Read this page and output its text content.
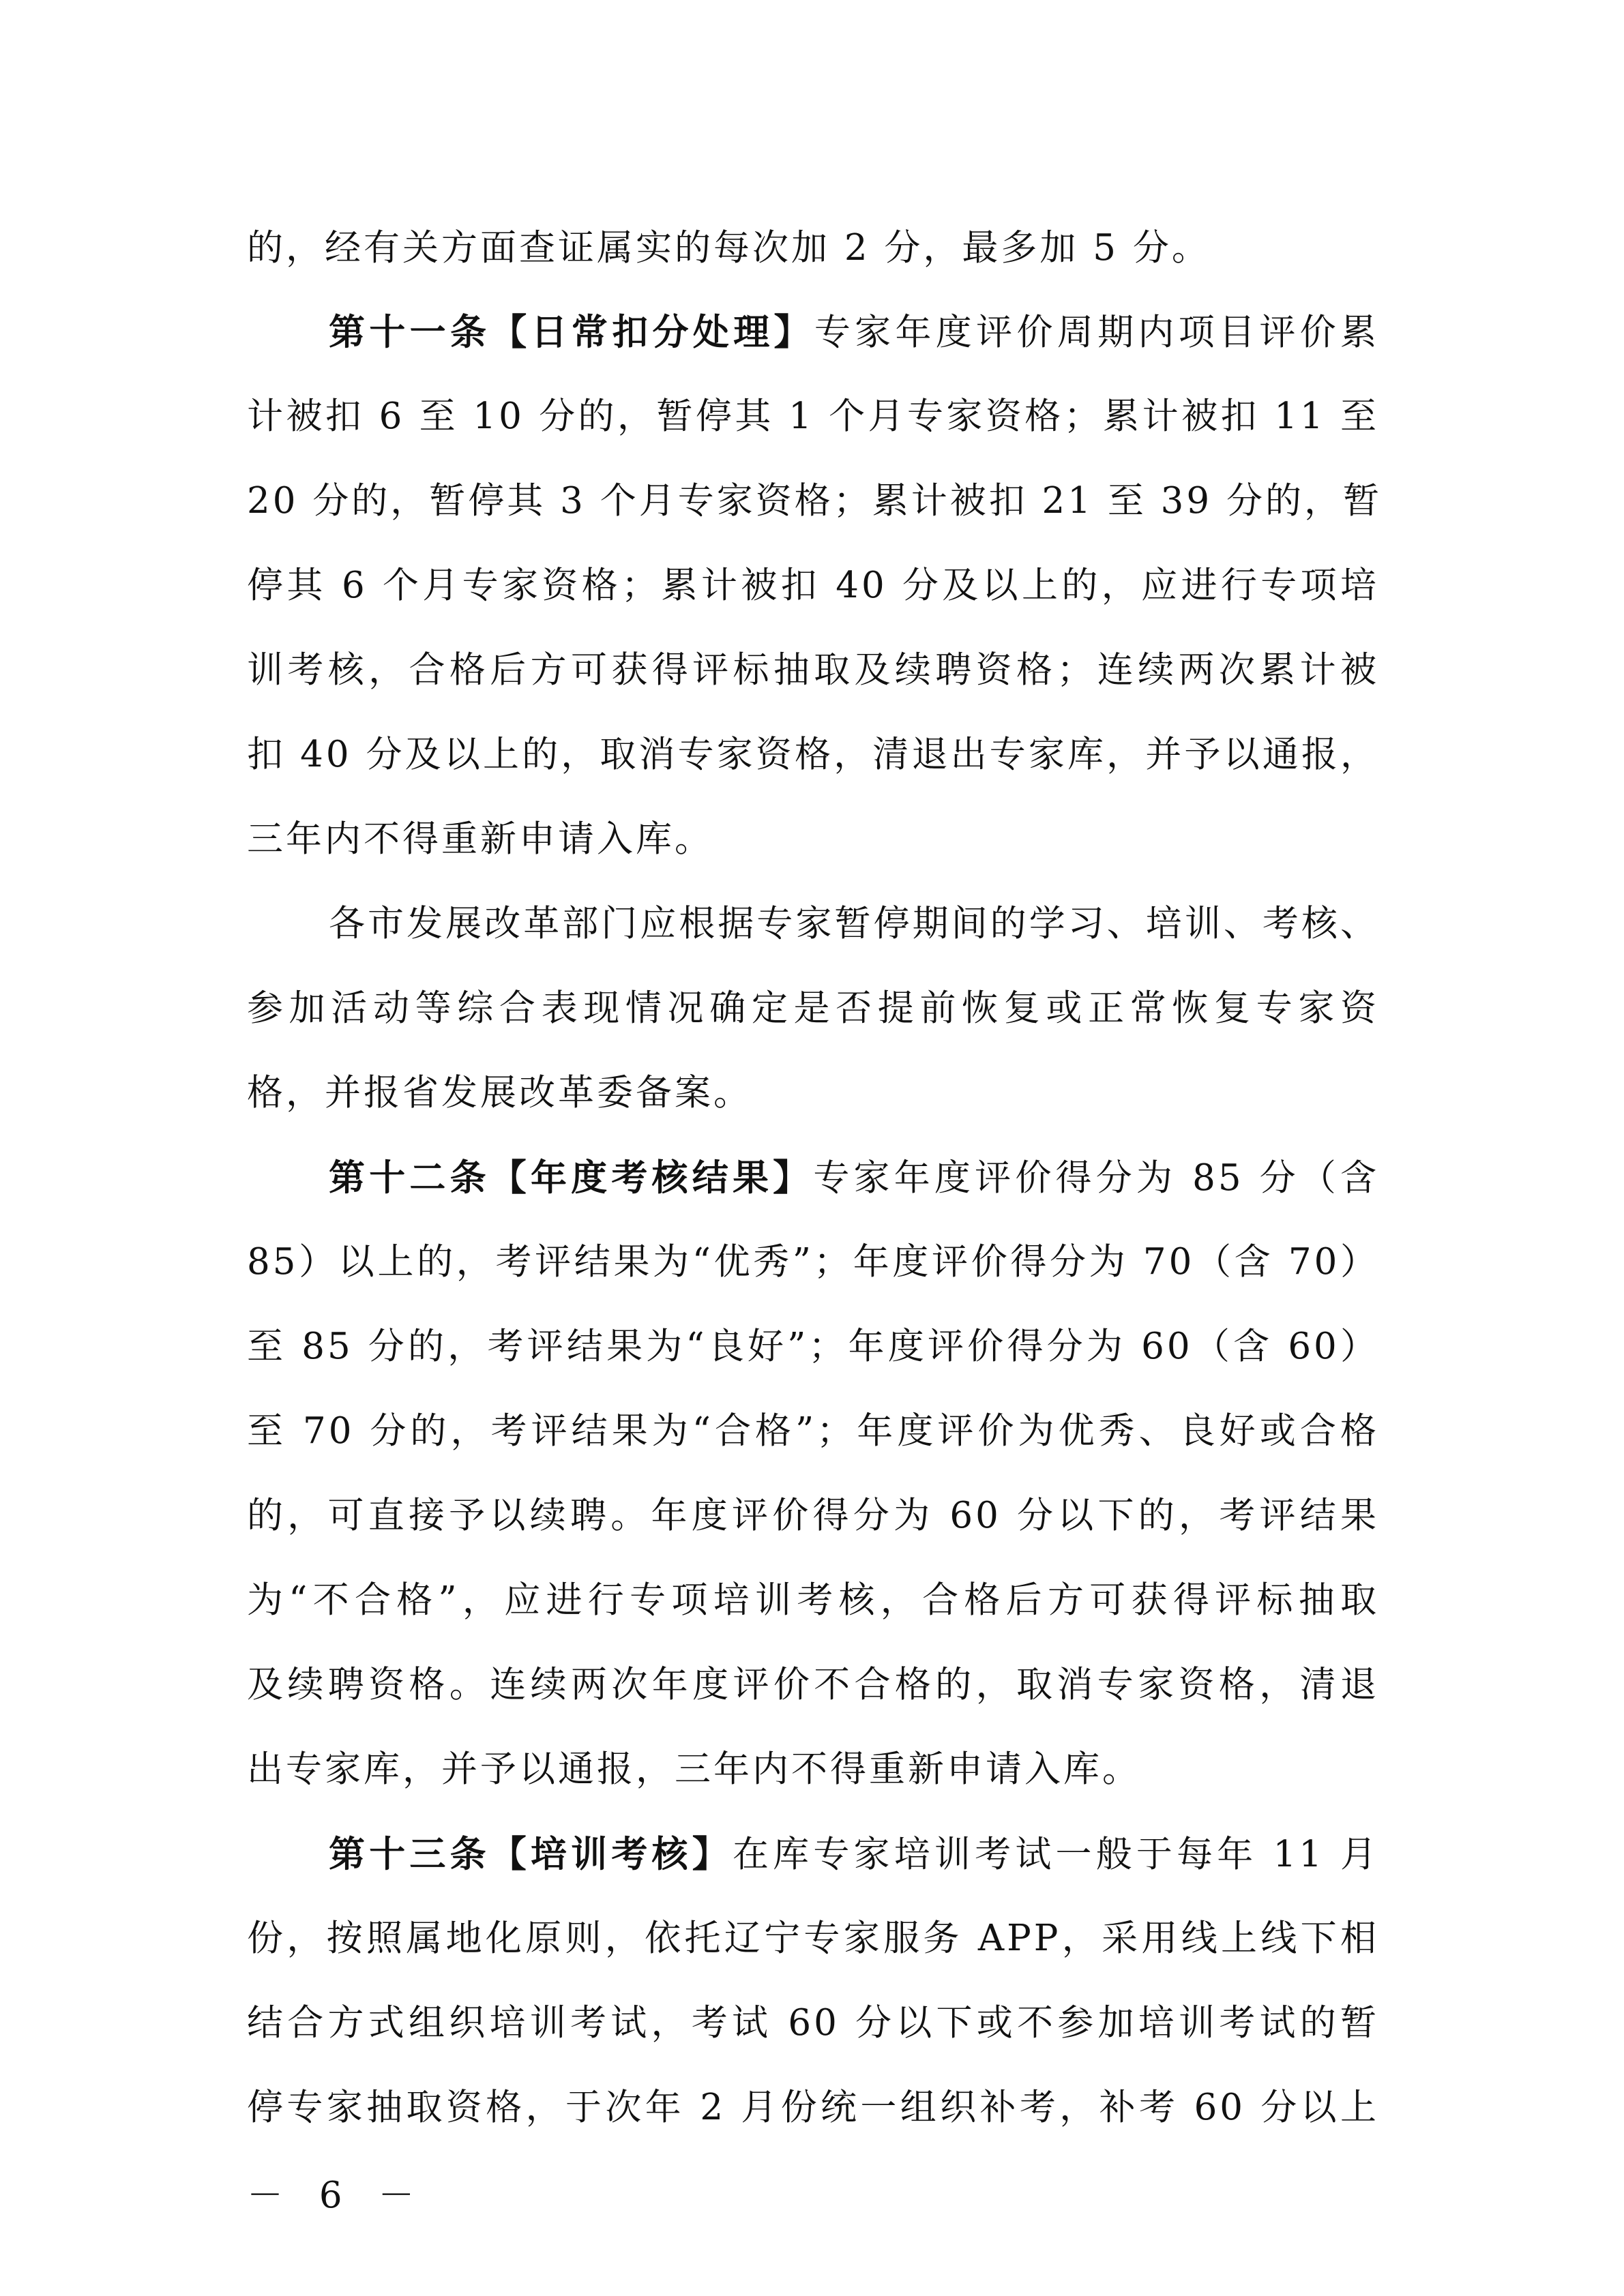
的，经有关方面查证属实的每次加 2 分，最多加 5 分。
第十一条【日常扣分处理】专家年度评价周期内项目评价累
计被扣 6 至 10 分的，暂停其 1 个月专家资格；累计被扣 11 至
20 分的，暂停其 3 个月专家资格；累计被扣 21 至 39 分的，暂
停其 6 个月专家资格；累计被扣 40 分及以上的，应进行专项培
训考核，合格后方可获得评标抽取及续聘资格；连续两次累计被
扣 40 分及以上的，取消专家资格，清退出专家库，并予以通报，
三年内不得重新申请入库。
各市发展改革部门应根据专家暂停期间的学习、培训、考核、
参加活动等综合表现情况确定是否提前恢复或正常恢复专家资
格，并报省发展改革委备案。
第十二条【年度考核结果】专家年度评价得分为 85 分（含
85）以上的，考评结果为“优秀”；年度评价得分为 70（含 70）
至 85 分的，考评结果为“良好”；年度评价得分为 60（含 60）
至 70 分的，考评结果为“合格”；年度评价为优秀、良好或合格
的，可直接予以续聘。年度评价得分为 60 分以下的，考评结果
为“不合格”，应进行专项培训考核，合格后方可获得评标抽取
及续聘资格。连续两次年度评价不合格的，取消专家资格，清退
出专家库，并予以通报，三年内不得重新申请入库。
第十三条【培训考核】在库专家培训考试一般于每年 11 月
份，按照属地化原则，依托辽宁专家服务 APP，采用线上线下相
结合方式组织培训考试，考试 60 分以下或不参加培训考试的暂
停专家抽取资格，于次年 2 月份统一组织补考，补考 60 分以上
－ 6 －
